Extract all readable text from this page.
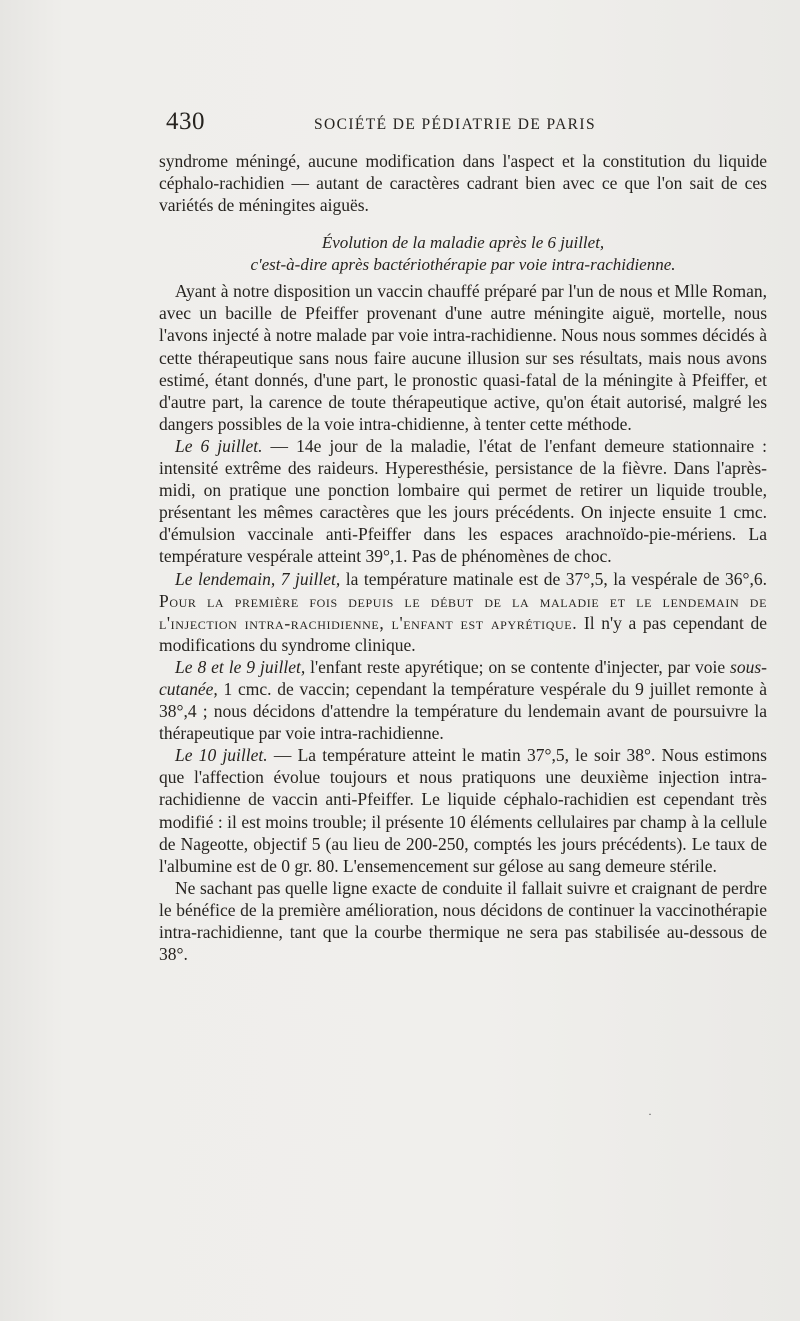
430	SOCIÉTÉ DE PÉDIATRIE DE PARIS

syndrome méningé, aucune modification dans l'aspect et la constitution du liquide céphalo-rachidien — autant de caractères cadrant bien avec ce que l'on sait de ces variétés de méningites aiguës.

Évolution de la maladie après le 6 juillet,
c'est-à-dire après bactériothérapie par voie intra-rachidienne.

Ayant à notre disposition un vaccin chauffé préparé par l'un de nous et Mlle Roman, avec un bacille de Pfeiffer provenant d'une autre méningite aiguë, mortelle, nous l'avons injecté à notre malade par voie intra-rachidienne. Nous nous sommes décidés à cette thérapeutique sans nous faire aucune illusion sur ses résultats, mais nous avons estimé, étant donnés, d'une part, le pronostic quasi-fatal de la méningite à Pfeiffer, et d'autre part, la carence de toute thérapeutique active, qu'on était autorisé, malgré les dangers possibles de la voie intra-chidienne, à tenter cette méthode.

Le 6 juillet. — 14e jour de la maladie, l'état de l'enfant demeure stationnaire : intensité extrême des raideurs. Hyperesthésie, persistance de la fièvre. Dans l'après-midi, on pratique une ponction lombaire qui permet de retirer un liquide trouble, présentant les mêmes caractères que les jours précédents. On injecte ensuite 1 cmc. d'émulsion vaccinale anti-Pfeiffer dans les espaces arachnoïdo-pie-mériens. La température vespérale atteint 39°,1. Pas de phénomènes de choc.

Le lendemain, 7 juillet, la température matinale est de 37°,5, la vespérale de 36°,6. Pour la première fois depuis le début de la maladie et le lendemain de l'injection intra-rachidienne, l'enfant est apyrétique. Il n'y a pas cependant de modifications du syndrome clinique.

Le 8 et le 9 juillet, l'enfant reste apyrétique; on se contente d'injecter, par voie sous-cutanée, 1 cmc. de vaccin; cependant la température vespérale du 9 juillet remonte à 38°,4 ; nous décidons d'attendre la température du lendemain avant de poursuivre la thérapeutique par voie intra-rachidienne.

Le 10 juillet. — La température atteint le matin 37°,5, le soir 38°. Nous estimons que l'affection évolue toujours et nous pratiquons une deuxième injection intra-rachidienne de vaccin anti-Pfeiffer. Le liquide céphalo-rachidien est cependant très modifié : il est moins trouble; il présente 10 éléments cellulaires par champ à la cellule de Nageotte, objectif 5 (au lieu de 200-250, comptés les jours précédents). Le taux de l'albumine est de 0 gr. 80. L'ensemencement sur gélose au sang demeure stérile.

Ne sachant pas quelle ligne exacte de conduite il fallait suivre et craignant de perdre le bénéfice de la première amélioration, nous décidons de continuer la vaccinothérapie intra-rachidienne, tant que la courbe thermique ne sera pas stabilisée au-dessous de 38°.

·
